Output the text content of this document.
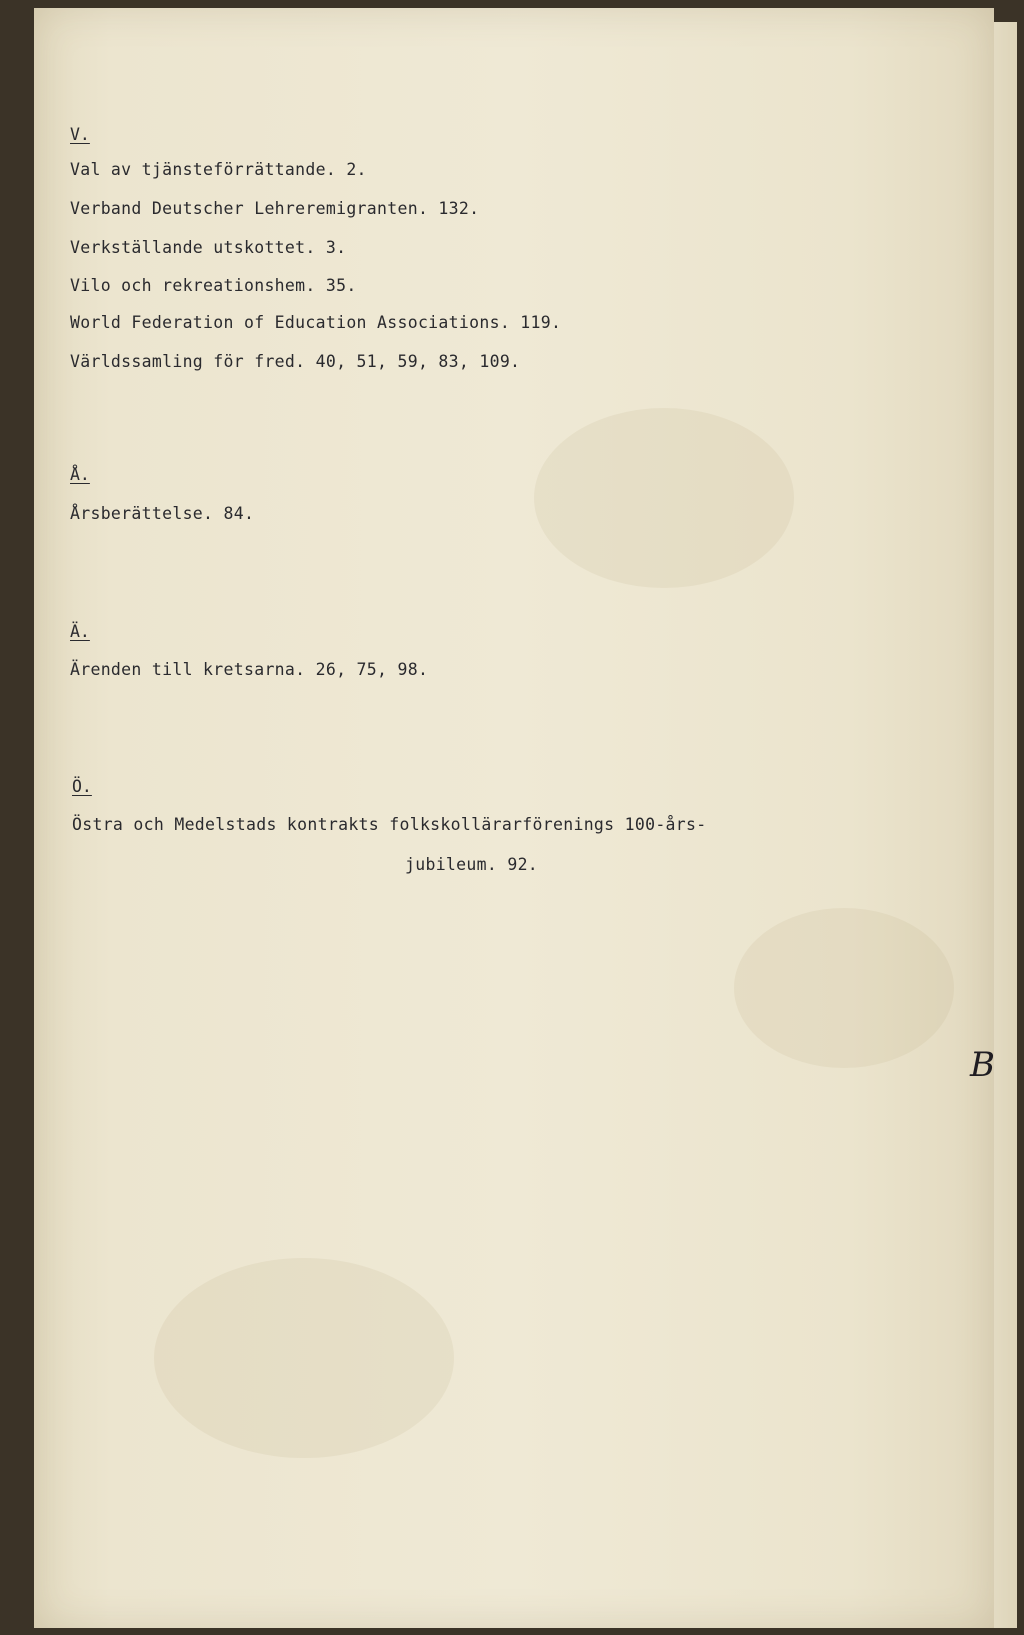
V.
Val av tjänsteförrättande. 2.
Verband Deutscher Lehreremigranten. 132.
Verkställande utskottet. 3.
Vilo och rekreationshem. 35.
World Federation of Education Associations. 119.
Världssamling för fred. 40, 51, 59, 83, 109.
Å.
Årsberättelse. 84.
Ä.
Ärenden till kretsarna. 26, 75, 98.
Ö.
Östra och Medelstads kontrakts folkskollärarförenings 100-års-
jubileum. 92.
B
